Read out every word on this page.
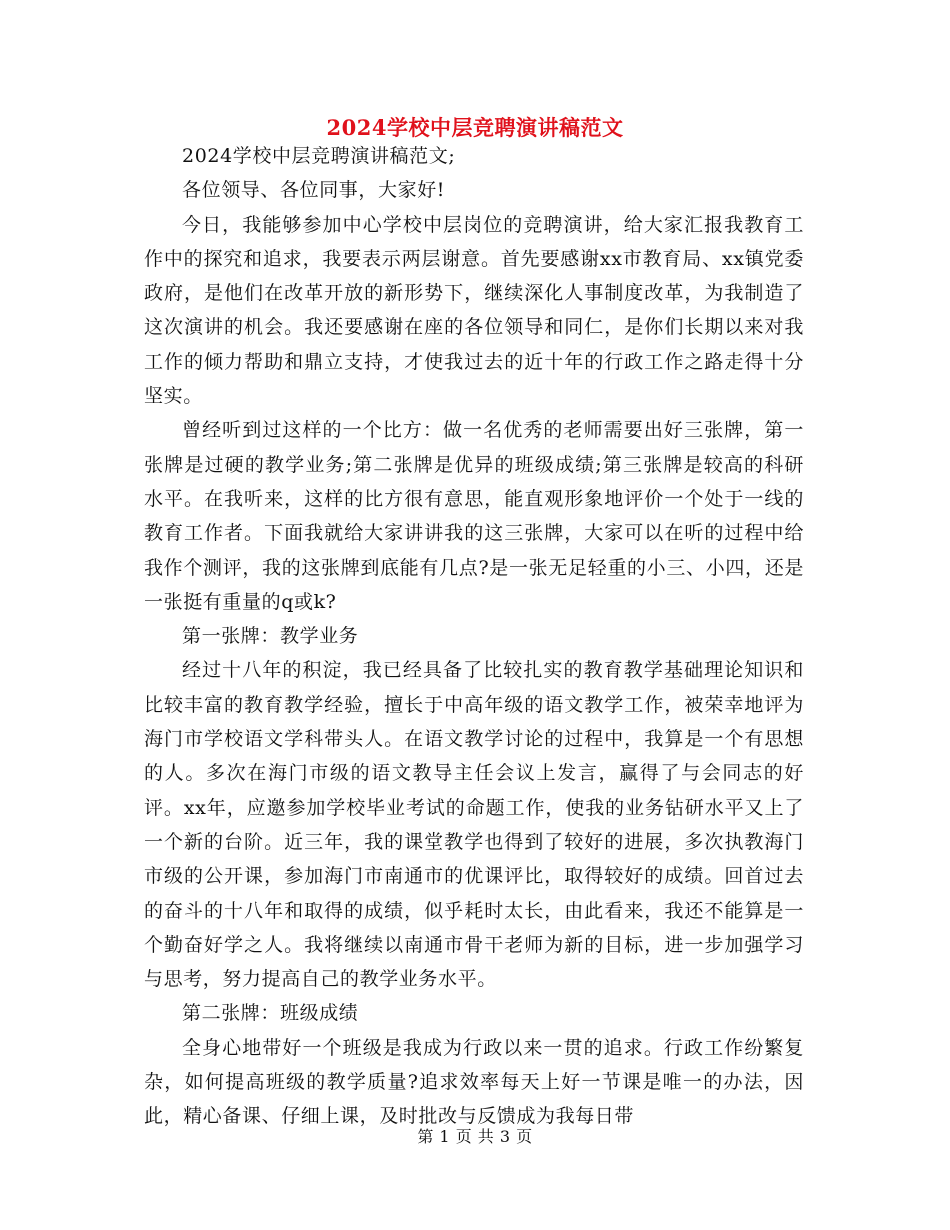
2024学校中层竞聘演讲稿范文

2024学校中层竞聘演讲稿范文;

各位领导、各位同事，大家好!

今日，我能够参加中心学校中层岗位的竞聘演讲，给大家汇报我教育工作中的探究和追求，我要表示两层谢意。首先要感谢xx市教育局、xx镇党委政府，是他们在改革开放的新形势下，继续深化人事制度改革，为我制造了这次演讲的机会。我还要感谢在座的各位领导和同仁，是你们长期以来对我工作的倾力帮助和鼎立支持，才使我过去的近十年的行政工作之路走得十分坚实。

曾经听到过这样的一个比方：做一名优秀的老师需要出好三张牌，第一张牌是过硬的教学业务;第二张牌是优异的班级成绩;第三张牌是较高的科研水平。在我听来，这样的比方很有意思，能直观形象地评价一个处于一线的教育工作者。下面我就给大家讲讲我的这三张牌，大家可以在听的过程中给我作个测评，我的这张牌到底能有几点?是一张无足轻重的小三、小四，还是一张挺有重量的q或k?

第一张牌：教学业务

经过十八年的积淀，我已经具备了比较扎实的教育教学基础理论知识和比较丰富的教育教学经验，擅长于中高年级的语文教学工作，被荣幸地评为海门市学校语文学科带头人。在语文教学讨论的过程中，我算是一个有思想的人。多次在海门市级的语文教导主任会议上发言，赢得了与会同志的好评。xx年，应邀参加学校毕业考试的命题工作，使我的业务钻研水平又上了一个新的台阶。近三年，我的课堂教学也得到了较好的进展，多次执教海门市级的公开课，参加海门市南通市的优课评比，取得较好的成绩。回首过去的奋斗的十八年和取得的成绩，似乎耗时太长，由此看来，我还不能算是一个勤奋好学之人。我将继续以南通市骨干老师为新的目标，进一步加强学习与思考，努力提高自己的教学业务水平。

第二张牌：班级成绩

全身心地带好一个班级是我成为行政以来一贯的追求。行政工作纷繁复杂，如何提高班级的教学质量?追求效率每天上好一节课是唯一的办法，因此，精心备课、仔细上课，及时批改与反馈成为我每日带

第 1 页 共 3 页
